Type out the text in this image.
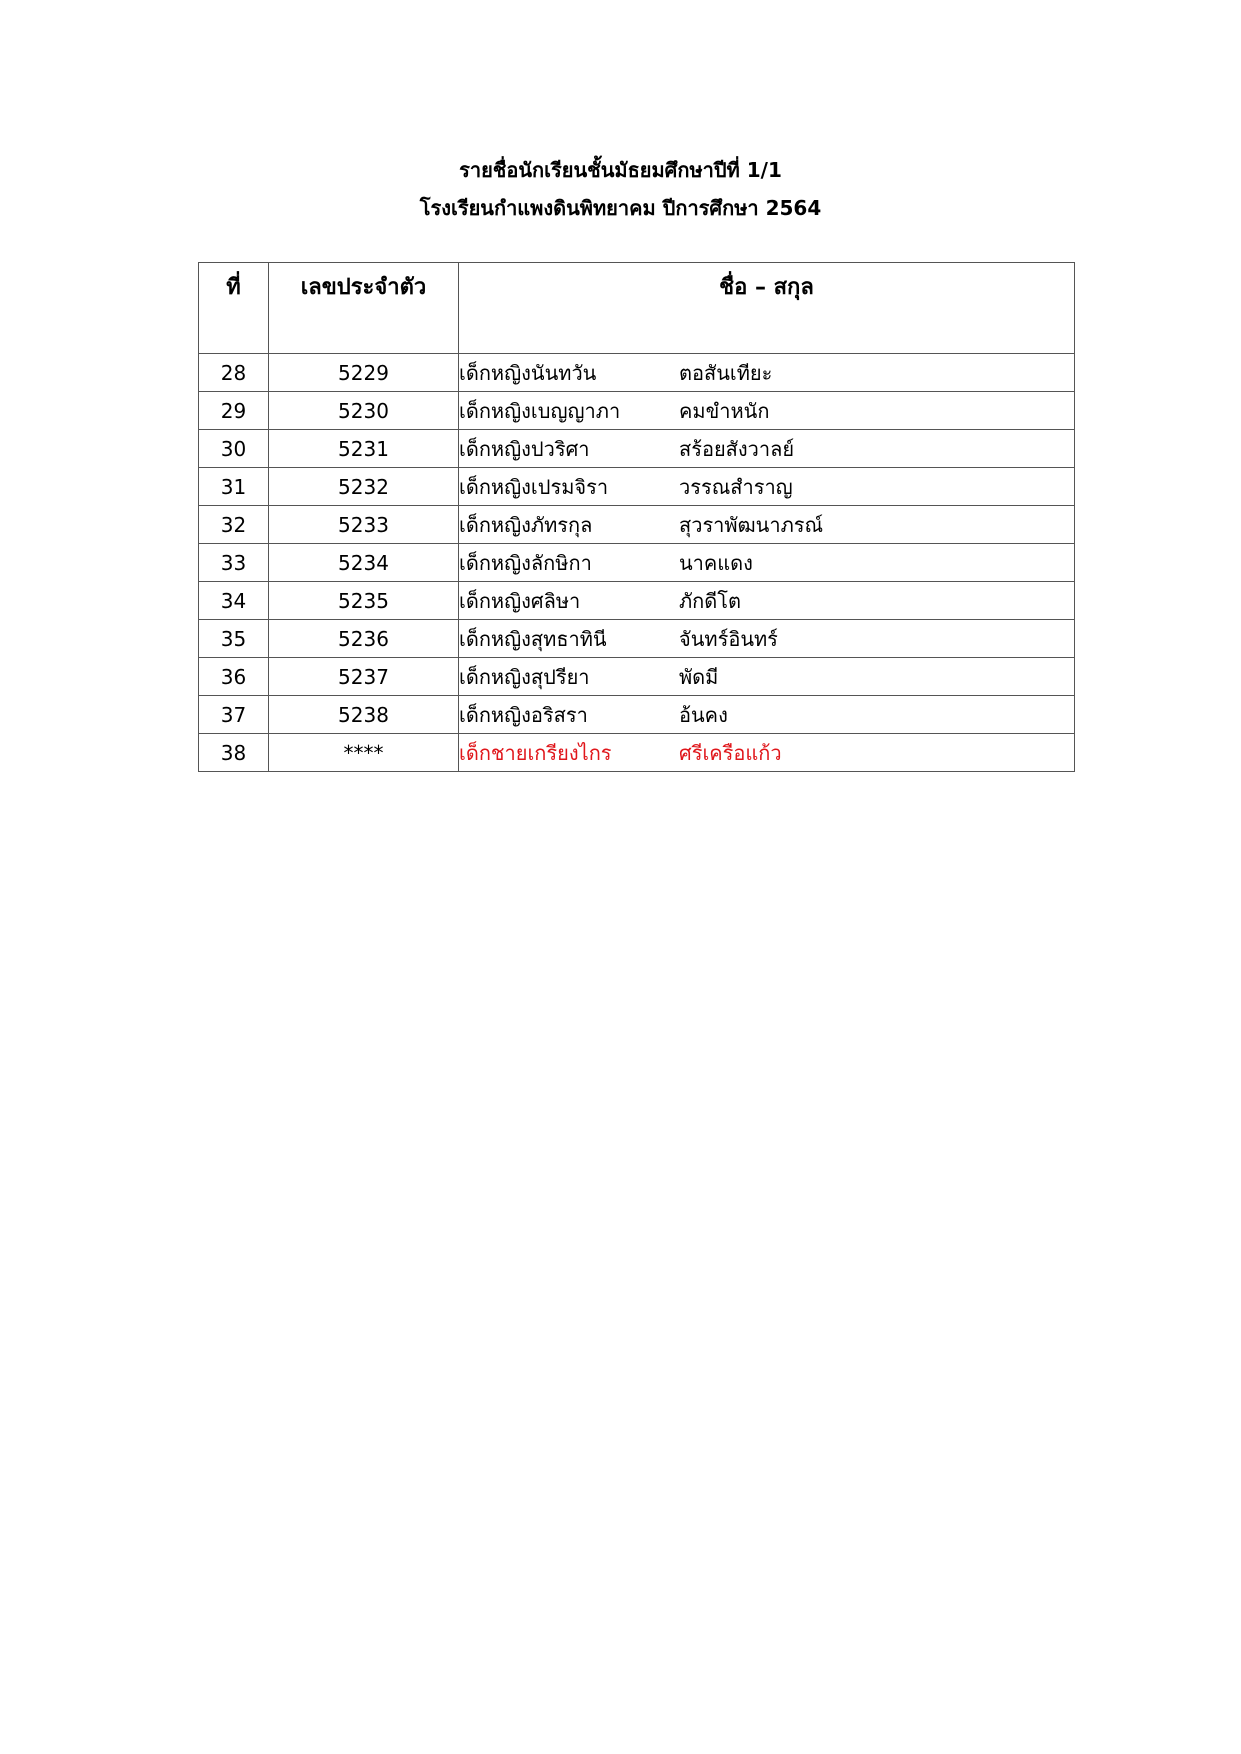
รายชื่อนักเรียนชั้นมัธยมศึกษาปีที่ 1/1
โรงเรียนกำแพงดินพิทยาคม ปีการศึกษา 2564
ที่	เลขประจำตัว	ชื่อ – สกุล
28	5229	เด็กหญิงนันทวัน ตอสันเทียะ
29	5230	เด็กหญิงเบญญาภา คมขำหนัก
30	5231	เด็กหญิงปวริศา สร้อยสังวาลย์
31	5232	เด็กหญิงเปรมจิรา วรรณสำราญ
32	5233	เด็กหญิงภัทรกุล สุวราพัฒนาภรณ์
33	5234	เด็กหญิงลักษิกา นาคแดง
34	5235	เด็กหญิงศลิษา ภักดีโต
35	5236	เด็กหญิงสุทธาทินี จันทร์อินทร์
36	5237	เด็กหญิงสุปรียา พัดมี
37	5238	เด็กหญิงอริสรา อ้นคง
38	****	เด็กชายเกรียงไกร ศรีเครือแก้ว
